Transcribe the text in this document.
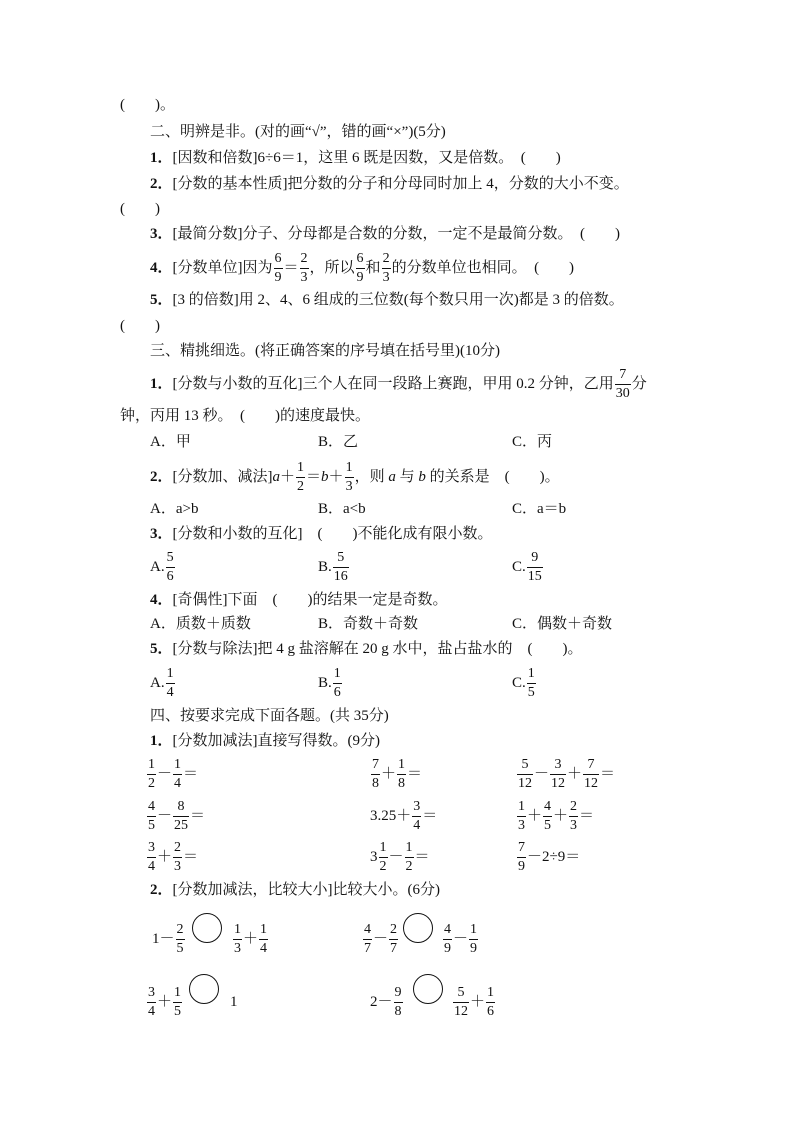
(　　)。
二、明辨是非。(对的画“√”，错的画“×”)(5分)
1．[因数和倍数]6÷6＝1，这里 6 既是因数，又是倍数。　(　　)
2．[分数的基本性质]把分数的分子和分母同时加上 4，分数的大小不变。
(　　)
3．[最简分数]分子、分母都是合数的分数，一定不是最简分数。　(　　)
4．[分数单位]因为 $\frac{6}{9} = \frac{2}{3}$ ，所以 $\frac{6}{9}$ 和 $\frac{2}{3}$ 的分数单位也相同。　(　　)
5．[3 的倍数]用 2、4、6 组成的三位数(每个数只用一次)都是 3 的倍数。
(　　)
三、精挑细选。(将正确答案的序号填在括号里)(10分)
1．[分数与小数的互化]三个人在同一段路上赛跑，甲用 0.2 分钟，乙用 $\frac{7}{30}$ 分
钟，丙用 13 秒。　(　　)的速度最快。
A．甲	B．乙	C．丙
2．[分数加、减法]$a+ \frac{1}{2} =b+ \frac{1}{3}$ ，则 a 与 b 的关系是　(　　)。
A．a>b	B．a<b	C．a＝b
3．[分数和小数的互化]　(　　)不能化成有限小数。
A. $\frac{5}{6}$	B. $\frac{5}{16}$	C. $\frac{9}{15}$
4．[奇偶性]下面　(　　)的结果一定是奇数。
A．质数＋质数	B．奇数＋奇数	C．偶数＋奇数
5．[分数与除法]把 4 g 盐溶解在 20 g 水中，盐占盐水的　(　　)。
A. $\frac{1}{4}$	B. $\frac{1}{6}$	C. $\frac{1}{5}$
四、按要求完成下面各题。(共 35分)
1．[分数加减法]直接写得数。(9分)
$\frac{1}{2} - \frac{1}{4}$ ＝	$\frac{7}{8} + \frac{1}{8}$ ＝	$\frac{5}{12} - \frac{3}{12} + \frac{7}{12}$ ＝
$\frac{4}{5} - \frac{8}{25}$ ＝	$3.25+ \frac{3}{4}$ ＝	$\frac{1}{3} + \frac{4}{5} + \frac{2}{3}$ ＝
$\frac{3}{4} + \frac{2}{3}$ ＝	$3 \frac{1}{2} - \frac{1}{2}$ ＝	$\frac{7}{9} -2\div 9=$
2．[分数加减法，比较大小]比较大小。(6分)
$1- \frac{2}{5}$	$\frac{1}{3} + \frac{1}{4}$	$\frac{4}{7} - \frac{2}{7}$	$\frac{4}{9} - \frac{1}{9}$
$\frac{3}{4} + \frac{1}{5}$	1	$2- \frac{9}{8}$	$\frac{5}{12} + \frac{1}{6}$
